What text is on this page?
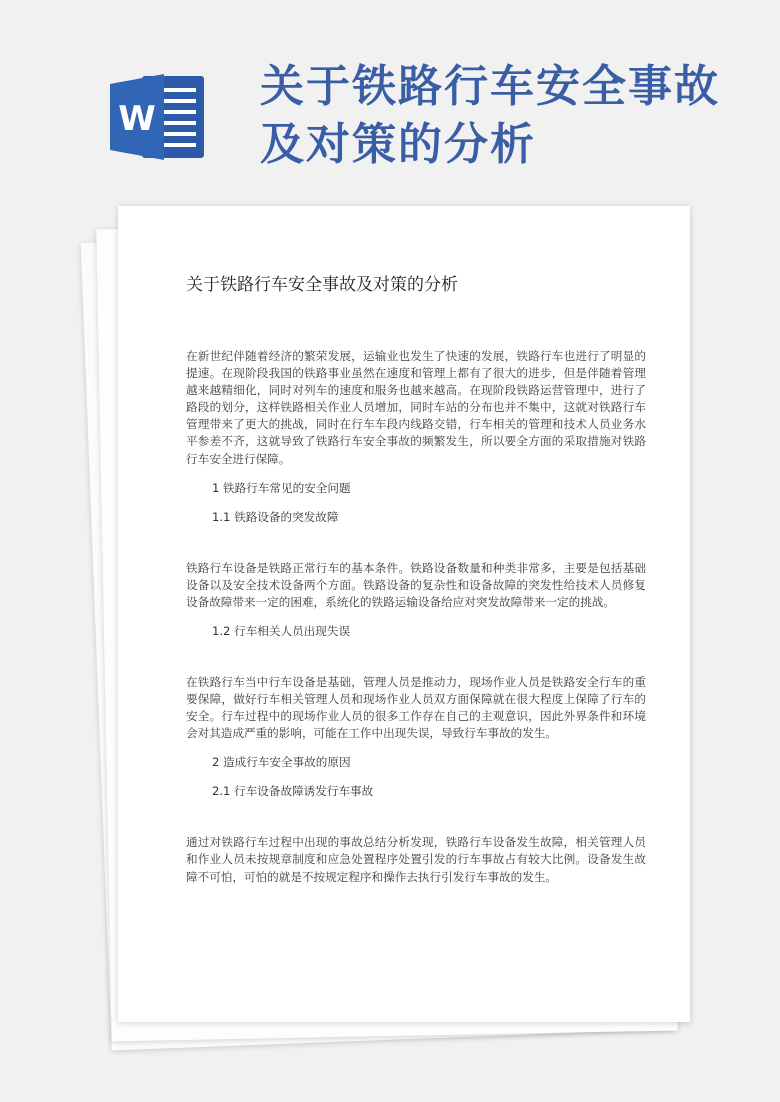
W
关于铁路行车安全事故
及对策的分析
关于铁路行车安全事故及对策的分析

在新世纪伴随着经济的繁荣发展，运输业也发生了快速的发展，铁路行车也进行了明显的提速。在现阶段我国的铁路事业虽然在速度和管理上都有了很大的进步，但是伴随着管理越来越精细化，同时对列车的速度和服务也越来越高。在现阶段铁路运营管理中，进行了路段的划分，这样铁路相关作业人员增加，同时车站的分布也并不集中，这就对铁路行车管理带来了更大的挑战，同时在行车车段内线路交错，行车相关的管理和技术人员业务水平参差不齐，这就导致了铁路行车安全事故的频繁发生，所以要全方面的采取措施对铁路行车安全进行保障。

1 铁路行车常见的安全问题

1.1 铁路设备的突发故障

铁路行车设备是铁路正常行车的基本条件。铁路设备数量和种类非常多，主要是包括基础设备以及安全技术设备两个方面。铁路设备的复杂性和设备故障的突发性给技术人员修复设备故障带来一定的困难，系统化的铁路运输设备给应对突发故障带来一定的挑战。

1.2 行车相关人员出现失误

在铁路行车当中行车设备是基础，管理人员是推动力，现场作业人员是铁路安全行车的重要保障，做好行车相关管理人员和现场作业人员双方面保障就在很大程度上保障了行车的安全。行车过程中的现场作业人员的很多工作存在自己的主观意识，因此外界条件和环境会对其造成严重的影响，可能在工作中出现失误，导致行车事故的发生。

2 造成行车安全事故的原因

2.1 行车设备故障诱发行车事故

通过对铁路行车过程中出现的事故总结分析发现，铁路行车设备发生故障，相关管理人员和作业人员未按规章制度和应急处置程序处置引发的行车事故占有较大比例。设备发生故障不可怕，可怕的就是不按规定程序和操作去执行引发行车事故的发生。
